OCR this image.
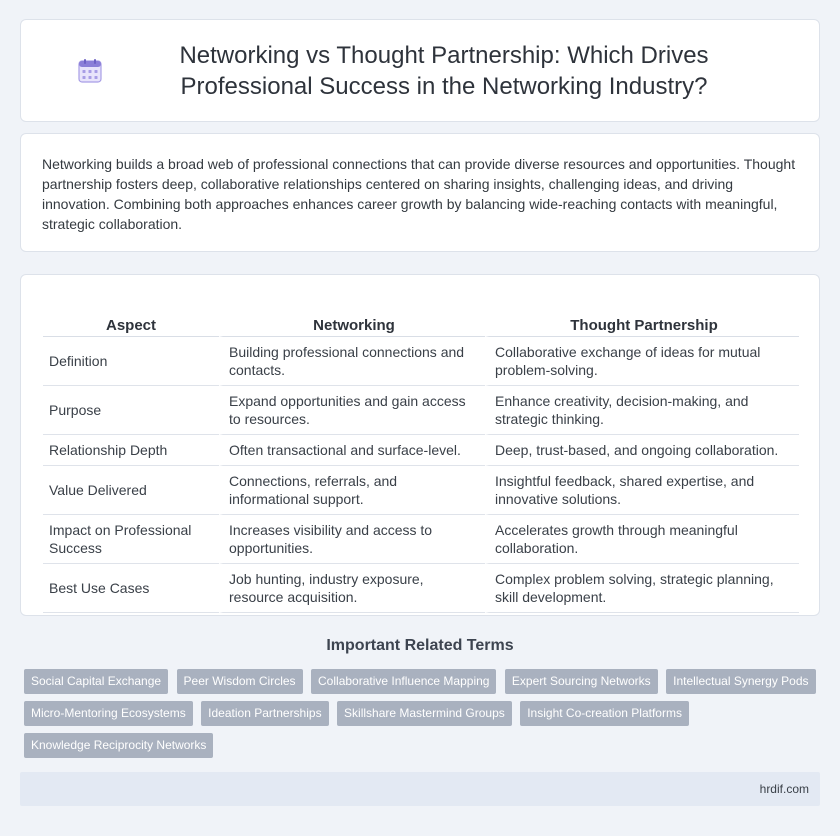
Networking vs Thought Partnership: Which Drives Professional Success in the Networking Industry?

Networking builds a broad web of professional connections that can provide diverse resources and opportunities. Thought partnership fosters deep, collaborative relationships centered on sharing insights, challenging ideas, and driving innovation. Combining both approaches enhances career growth by balancing wide-reaching contacts with meaningful, strategic collaboration.

Aspect	Networking	Thought Partnership
Definition	Building professional connections and contacts.	Collaborative exchange of ideas for mutual problem-solving.
Purpose	Expand opportunities and gain access to resources.	Enhance creativity, decision-making, and strategic thinking.
Relationship Depth	Often transactional and surface-level.	Deep, trust-based, and ongoing collaboration.
Value Delivered	Connections, referrals, and informational support.	Insightful feedback, shared expertise, and innovative solutions.
Impact on Professional Success	Increases visibility and access to opportunities.	Accelerates growth through meaningful collaboration.
Best Use Cases	Job hunting, industry exposure, resource acquisition.	Complex problem solving, strategic planning, skill development.
Important Related Terms
Social Capital Exchange Peer Wisdom Circles Collaborative Influence Mapping Expert Sourcing Networks Intellectual Synergy Pods Micro-Mentoring Ecosystems Ideation Partnerships Skillshare Mastermind Groups Insight Co-creation Platforms Knowledge Reciprocity Networks
hrdif.com
